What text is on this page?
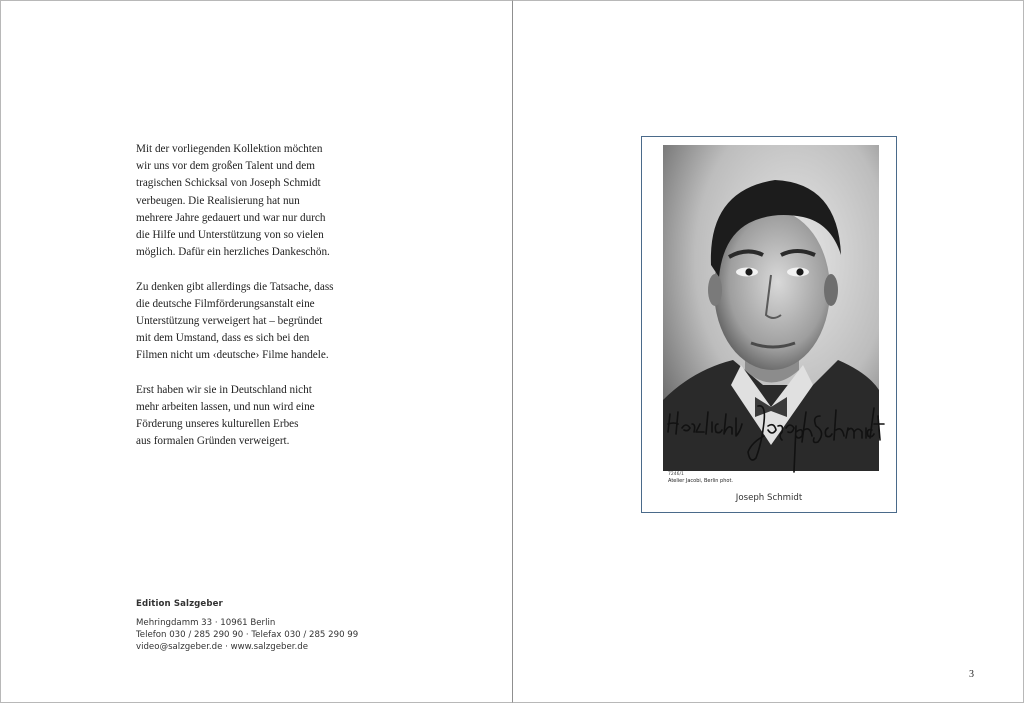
Mit der vorliegenden Kollektion möchten
wir uns vor dem großen Talent und dem
tragischen Schicksal von Joseph Schmidt
verbeugen. Die Realisierung hat nun
mehrere Jahre gedauert und war nur durch
die Hilfe und Unterstützung von so vielen
möglich. Dafür ein herzliches Dankeschön.

Zu denken gibt allerdings die Tatsache, dass
die deutsche Filmförderungsanstalt eine
Unterstützung verweigert hat – begründet
mit dem Umstand, dass es sich bei den
Filmen nicht um ‹deutsche› Filme handele.

Erst haben wir sie in Deutschland nicht
mehr arbeiten lassen, und nun wird eine
Förderung unseres kulturellen Erbes
aus formalen Gründen verweigert.

Edition Salzgeber
Mehringdamm 33 · 10961 Berlin
Telefon 030 / 285 290 90 · Telefax 030 / 285 290 99
video@salzgeber.de · www.salzgeber.de
7246/1
Atelier Jacobi, Berlin phot.
Joseph Schmidt
3
